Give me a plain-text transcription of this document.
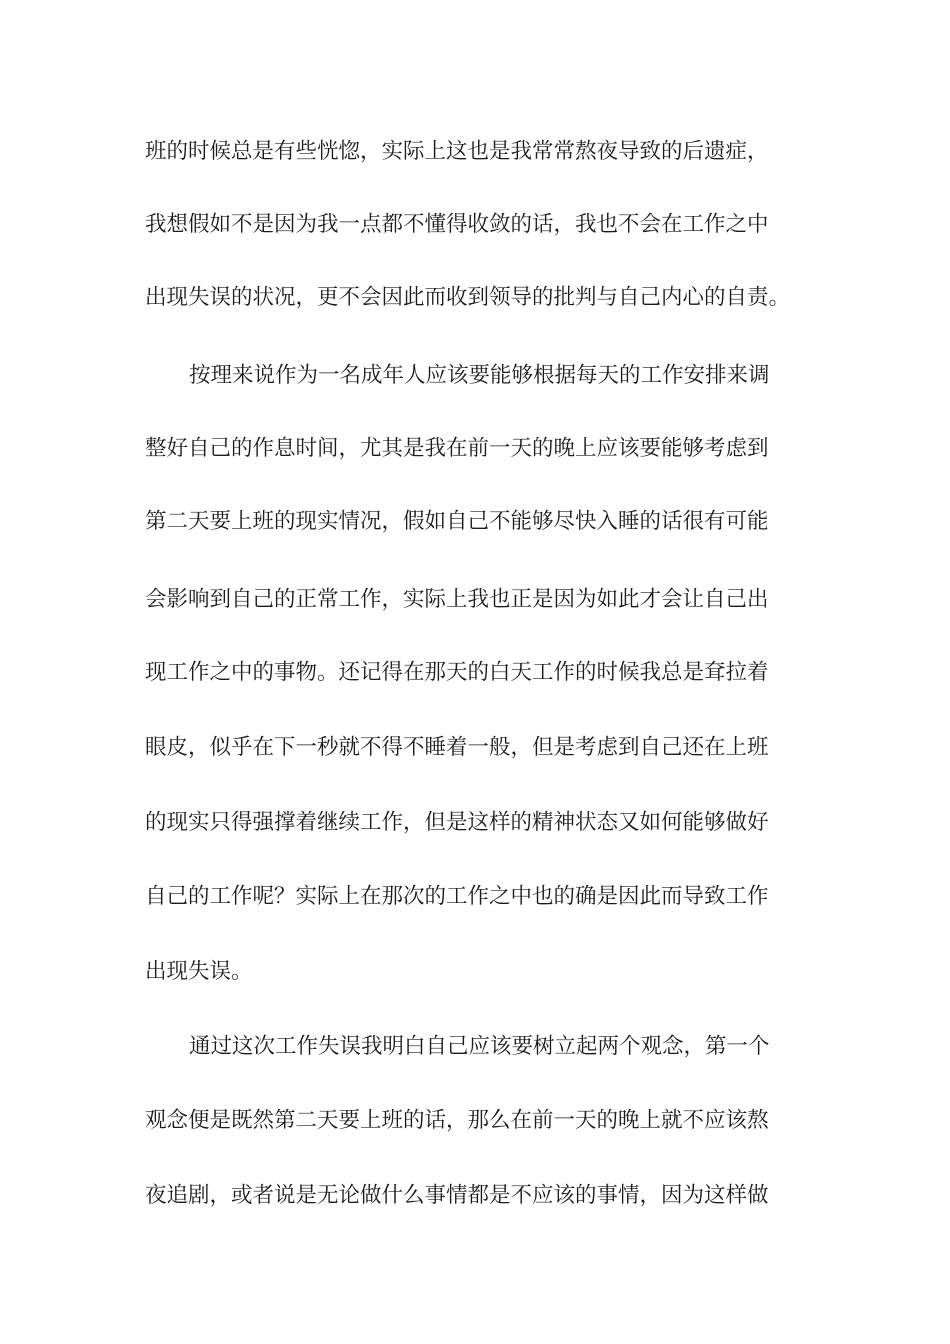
班的时候总是有些恍惚，实际上这也是我常常熬夜导致的后遗症，
我想假如不是因为我一点都不懂得收敛的话，我也不会在工作之中
出现失误的状况，更不会因此而收到领导的批判与自己内心的自责。
按理来说作为一名成年人应该要能够根据每天的工作安排来调
整好自己的作息时间，尤其是我在前一天的晚上应该要能够考虑到
第二天要上班的现实情况，假如自己不能够尽快入睡的话很有可能
会影响到自己的正常工作，实际上我也正是因为如此才会让自己出
现工作之中的事物。还记得在那天的白天工作的时候我总是耷拉着
眼皮，似乎在下一秒就不得不睡着一般，但是考虑到自己还在上班
的现实只得强撑着继续工作，但是这样的精神状态又如何能够做好
自己的工作呢？实际上在那次的工作之中也的确是因此而导致工作
出现失误。
通过这次工作失误我明白自己应该要树立起两个观念，第一个
观念便是既然第二天要上班的话，那么在前一天的晚上就不应该熬
夜追剧，或者说是无论做什么事情都是不应该的事情，因为这样做
